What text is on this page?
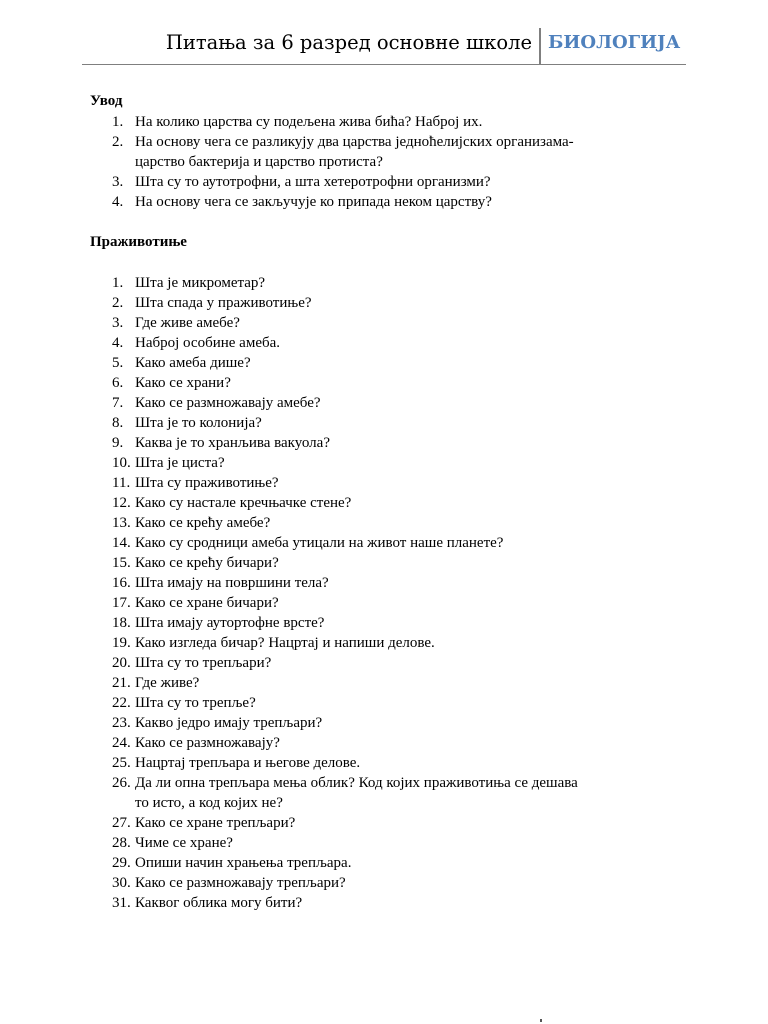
Питања за 6 разред основне школе БИОЛОГИЈА
Увод
1. На колико царства су подељена жива бића? Наброј их.
2. На основу чега се разликују два царства једноћелијских организама-
царство бактерија и царство протиста?
3. Шта су то аутотрофни, а шта хетеротрофни организми?
4. На основу чега се закључује ко припада неком царству?
Праживотиње
1. Шта је микрометар?
2. Шта спада у праживотиње?
3. Где живе амебе?
4. Наброј особине амеба.
5. Како амеба дише?
6. Како се храни?
7. Како се размножавају амебе?
8. Шта је то колонија?
9. Каква је то хранљива вакуола?
10. Шта је циста?
11. Шта су праживотиње?
12. Како су настале кречњачке стене?
13. Како се крећу амебе?
14. Како су сродници амеба утицали на живот наше планете?
15. Како се крећу бичари?
16. Шта имају на површини тела?
17. Како се хране бичари?
18. Шта имају аутортофне врсте?
19. Како изгледа бичар? Нацртај и напиши делове.
20. Шта су то трепљари?
21. Где живе?
22. Шта су то трепље?
23. Какво једро имају трепљари?
24. Како се размножавају?
25. Нацртај трепљара и његове делове.
26. Да ли опна трепљара мења облик? Код којих праживотиња се дешава
то исто, а код којих не?
27. Како се хране трепљари?
28. Чиме се хране?
29. Опиши начин храњења трепљара.
30. Како се размножавају трепљари?
31. Каквог облика могу бити?
